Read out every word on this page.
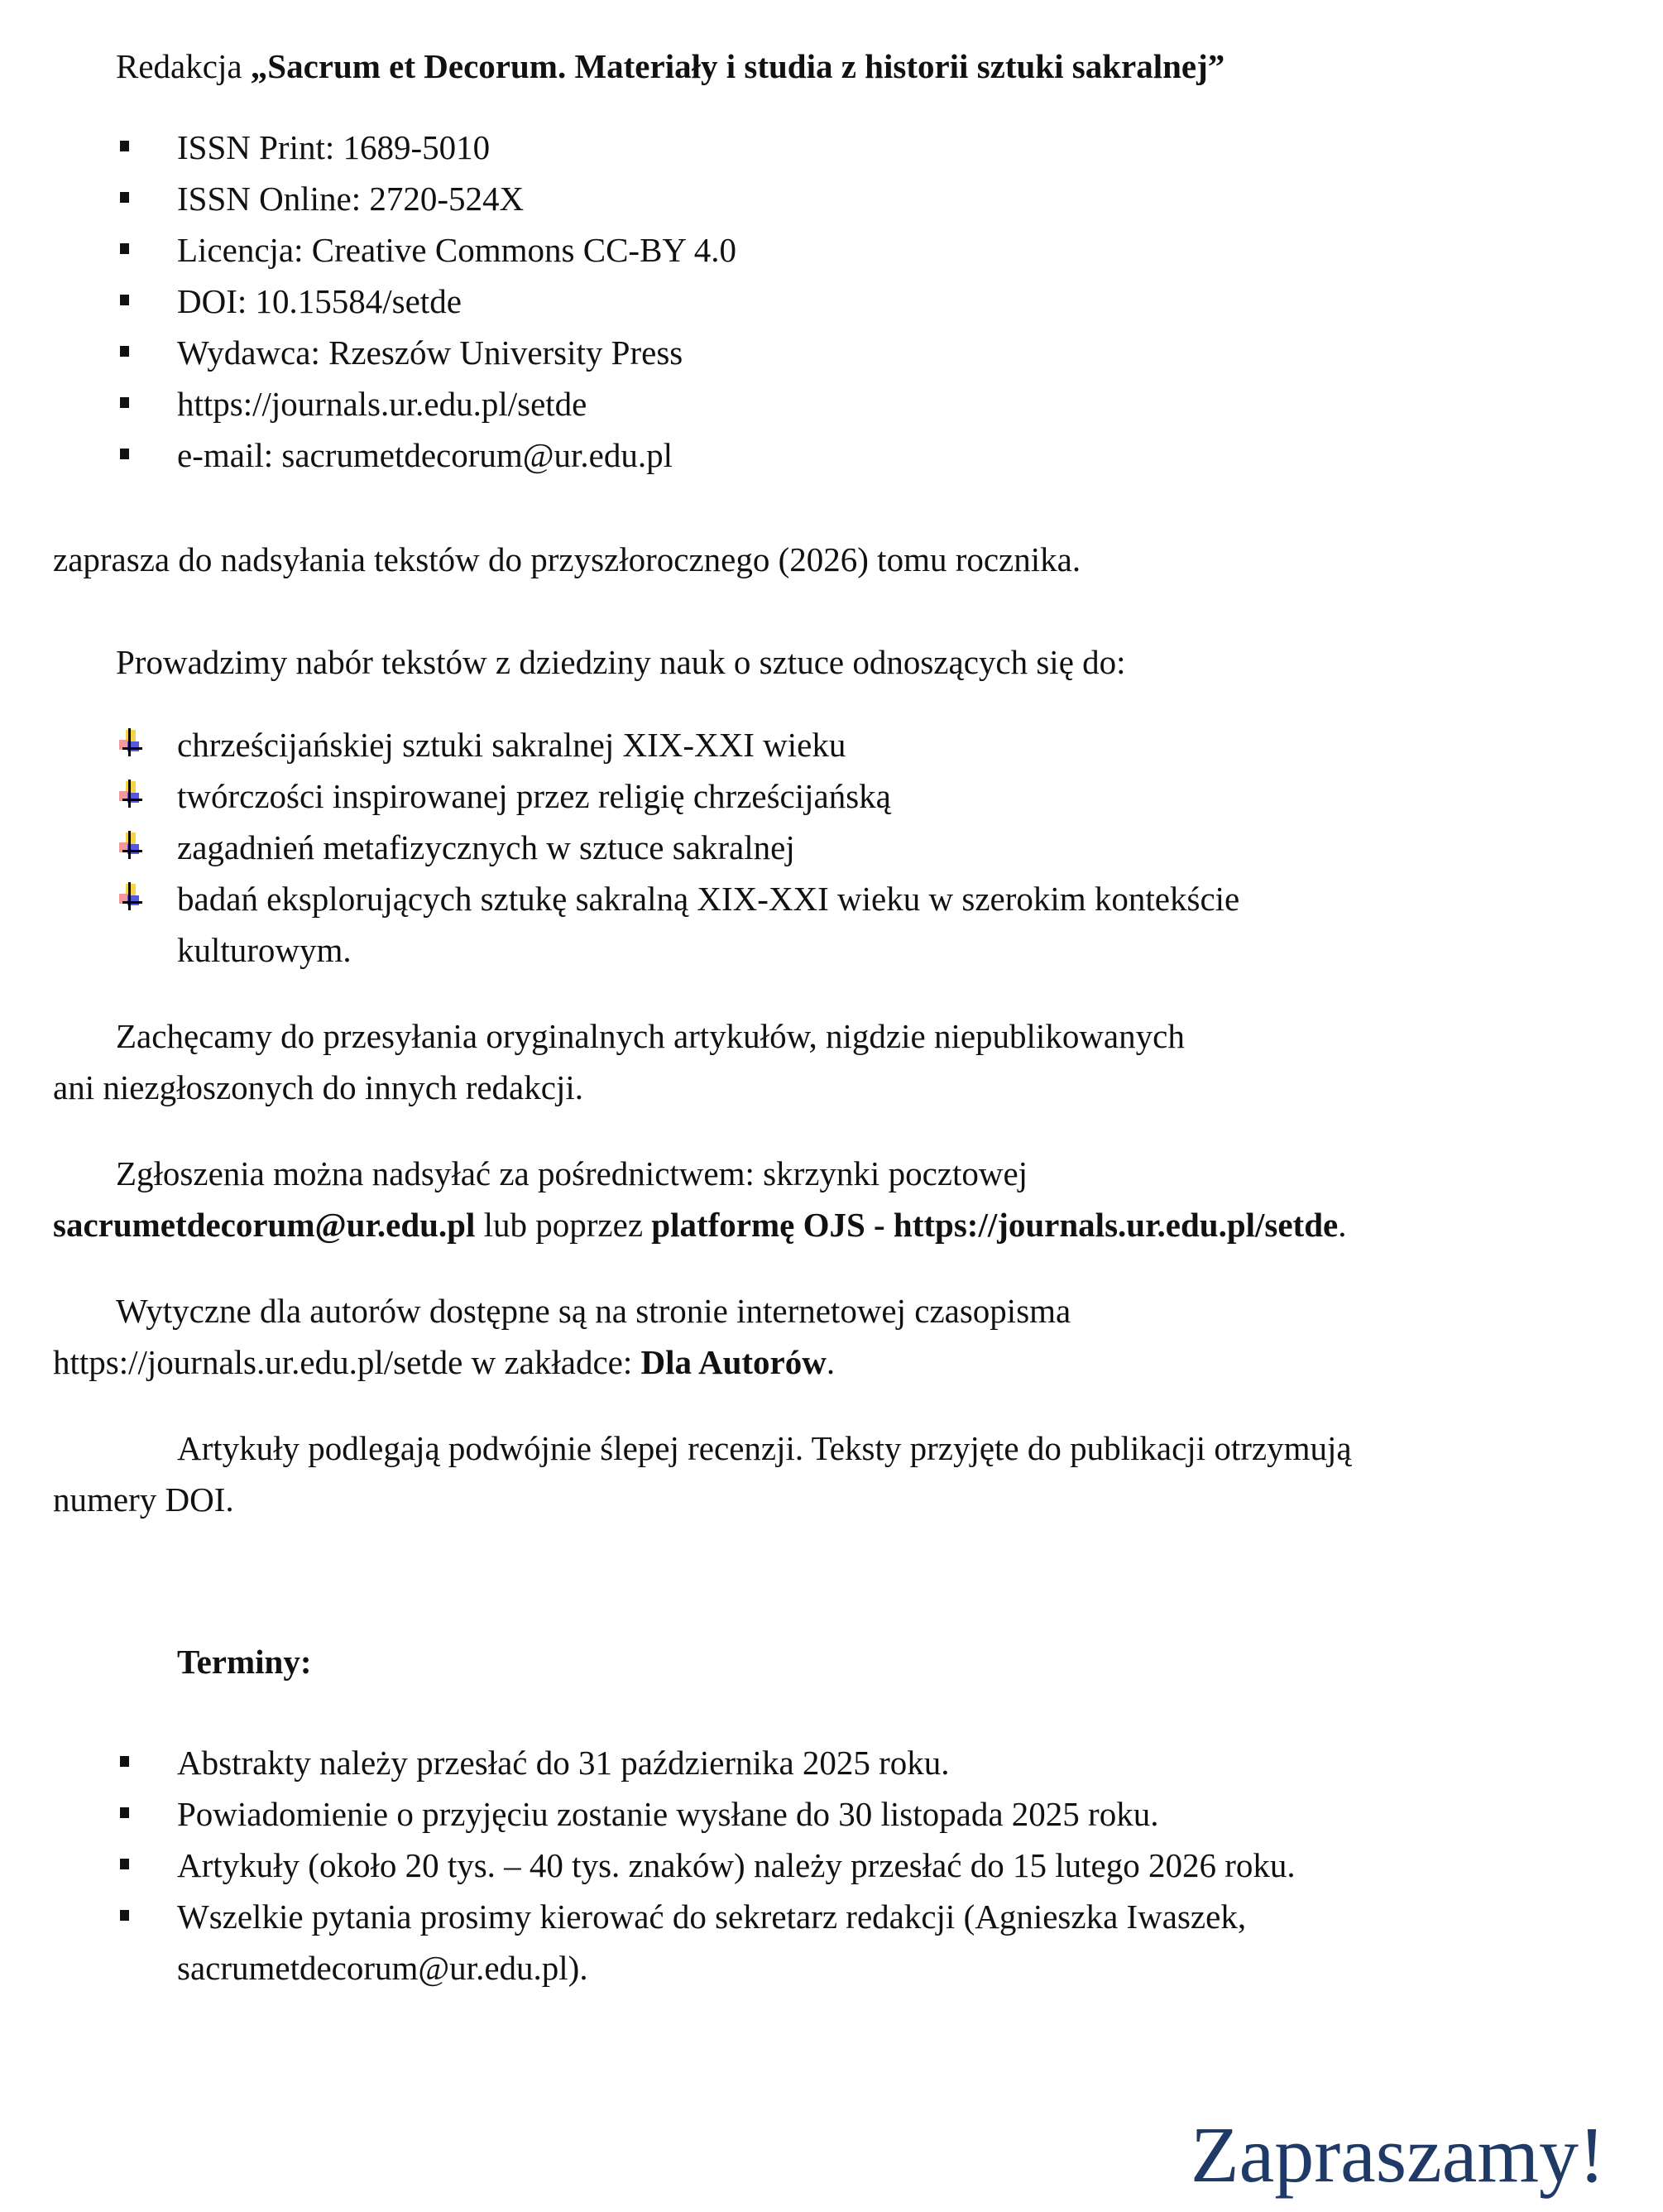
Redakcja „Sacrum et Decorum. Materiały i studia z historii sztuki sakralnej”
ISSN Print: 1689-5010
ISSN Online: 2720-524X
Licencja: Creative Commons CC-BY 4.0
DOI: 10.15584/setde
Wydawca: Rzeszów University Press
https://journals.ur.edu.pl/setde
e-mail: sacrumetdecorum@ur.edu.pl
zaprasza do nadsyłania tekstów do przyszłorocznego (2026) tomu rocznika.
Prowadzimy nabór tekstów z dziedziny nauk o sztuce odnoszących się do:
chrześcijańskiej sztuki sakralnej XIX-XXI wieku
twórczości inspirowanej przez religię chrześcijańską
zagadnień metafizycznych w sztuce sakralnej
badań eksplorujących sztukę sakralną XIX-XXI wieku w szerokim kontekście
kulturowym.
Zachęcamy do przesyłania oryginalnych artykułów, nigdzie niepublikowanych
ani niezgłoszonych do innych redakcji.
Zgłoszenia można nadsyłać za pośrednictwem: skrzynki pocztowej
sacrumetdecorum@ur.edu.pl lub poprzez platformę OJS - https://journals.ur.edu.pl/setde.
Wytyczne dla autorów dostępne są na stronie internetowej czasopisma
https://journals.ur.edu.pl/setde w zakładce: Dla Autorów.
Artykuły podlegają podwójnie ślepej recenzji. Teksty przyjęte do publikacji otrzymują
numery DOI.
Terminy:
Abstrakty należy przesłać do 31 października 2025 roku.
Powiadomienie o przyjęciu zostanie wysłane do 30 listopada 2025 roku.
Artykuły (około 20 tys. – 40 tys. znaków) należy przesłać do 15 lutego 2026 roku.
Wszelkie pytania prosimy kierować do sekretarz redakcji (Agnieszka Iwaszek,
sacrumetdecorum@ur.edu.pl).
Zapraszamy!
